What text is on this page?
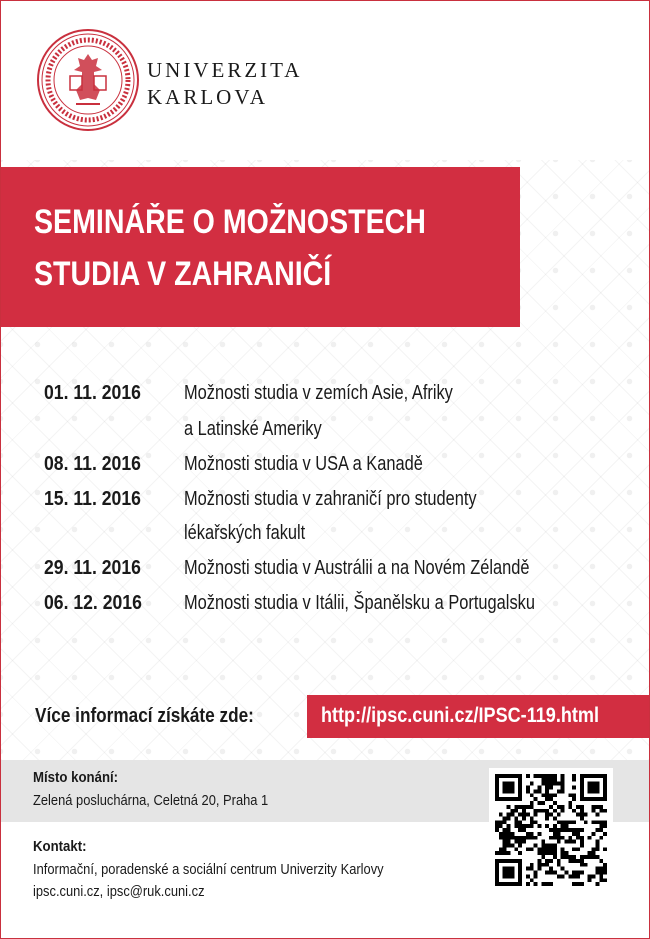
UNIVERZITA
KARLOVA
SEMINÁŘE O MOŽNOSTECH
STUDIA V ZAHRANIČÍ
01. 11. 2016 Možnosti studia v zemích Asie, Afriky
a Latinské Ameriky
08. 11. 2016 Možnosti studia v USA a Kanadě
15. 11. 2016 Možnosti studia v zahraničí pro studenty
lékařských fakult
29. 11. 2016 Možnosti studia v Austrálii a na Novém Zélandě
06. 12. 2016 Možnosti studia v Itálii, Španělsku a Portugalsku
Více informací získáte zde:	http://ipsc.cuni.cz/IPSC-119.html
Místo konání:
Zelená posluchárna, Celetná 20, Praha 1
Kontakt:
Informační, poradenské a sociální centrum Univerzity Karlovy
ipsc.cuni.cz, ipsc@ruk.cuni.cz
